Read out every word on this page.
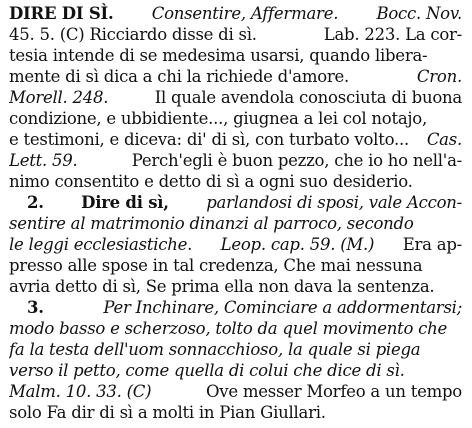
DIRE DI SÌ. Consentire, Affermare. Bocc. Nov.
45. 5. (C) Ricciardo disse di sì.	Lab. 223. La cor-
tesia intende di se medesima usarsi, quando libera-
mente di sì dica a chi la richiede d'amore.	Cron.
Morell. 248.	Il quale avendola conosciuta di buona
condizione, e ubbidiente..., giugnea a lei col notajo,
e testimoni, e diceva: di' di sì, con turbato volto... Cas.
Lett. 59.	Perch'egli è buon pezzo, che io ho nell'a-
nimo consentito e detto di sì a ogni suo desiderio.
2. Dire di sì, parlandosi di sposi, vale Accon-
sentire al matrimonio dinanzi al parroco, secondo
le leggi ecclesiastiche. Leop. cap. 59. (M.) Era ap-
presso alle spose in tal credenza, Che mai nessuna
avria detto di sì, Se prima ella non dava la sentenza.
3.	Per Inchinare, Cominciare a addormentarsi;
modo basso e scherzoso, tolto da quel movimento che
fa la testa dell'uom sonnacchioso, la quale si piega
verso il petto, come quella di colui che dice di sì.
Malm. 10. 33. (C)	Ove messer Morfeo a un tempo
solo Fa dir di sì a molti in Pian Giullari.
